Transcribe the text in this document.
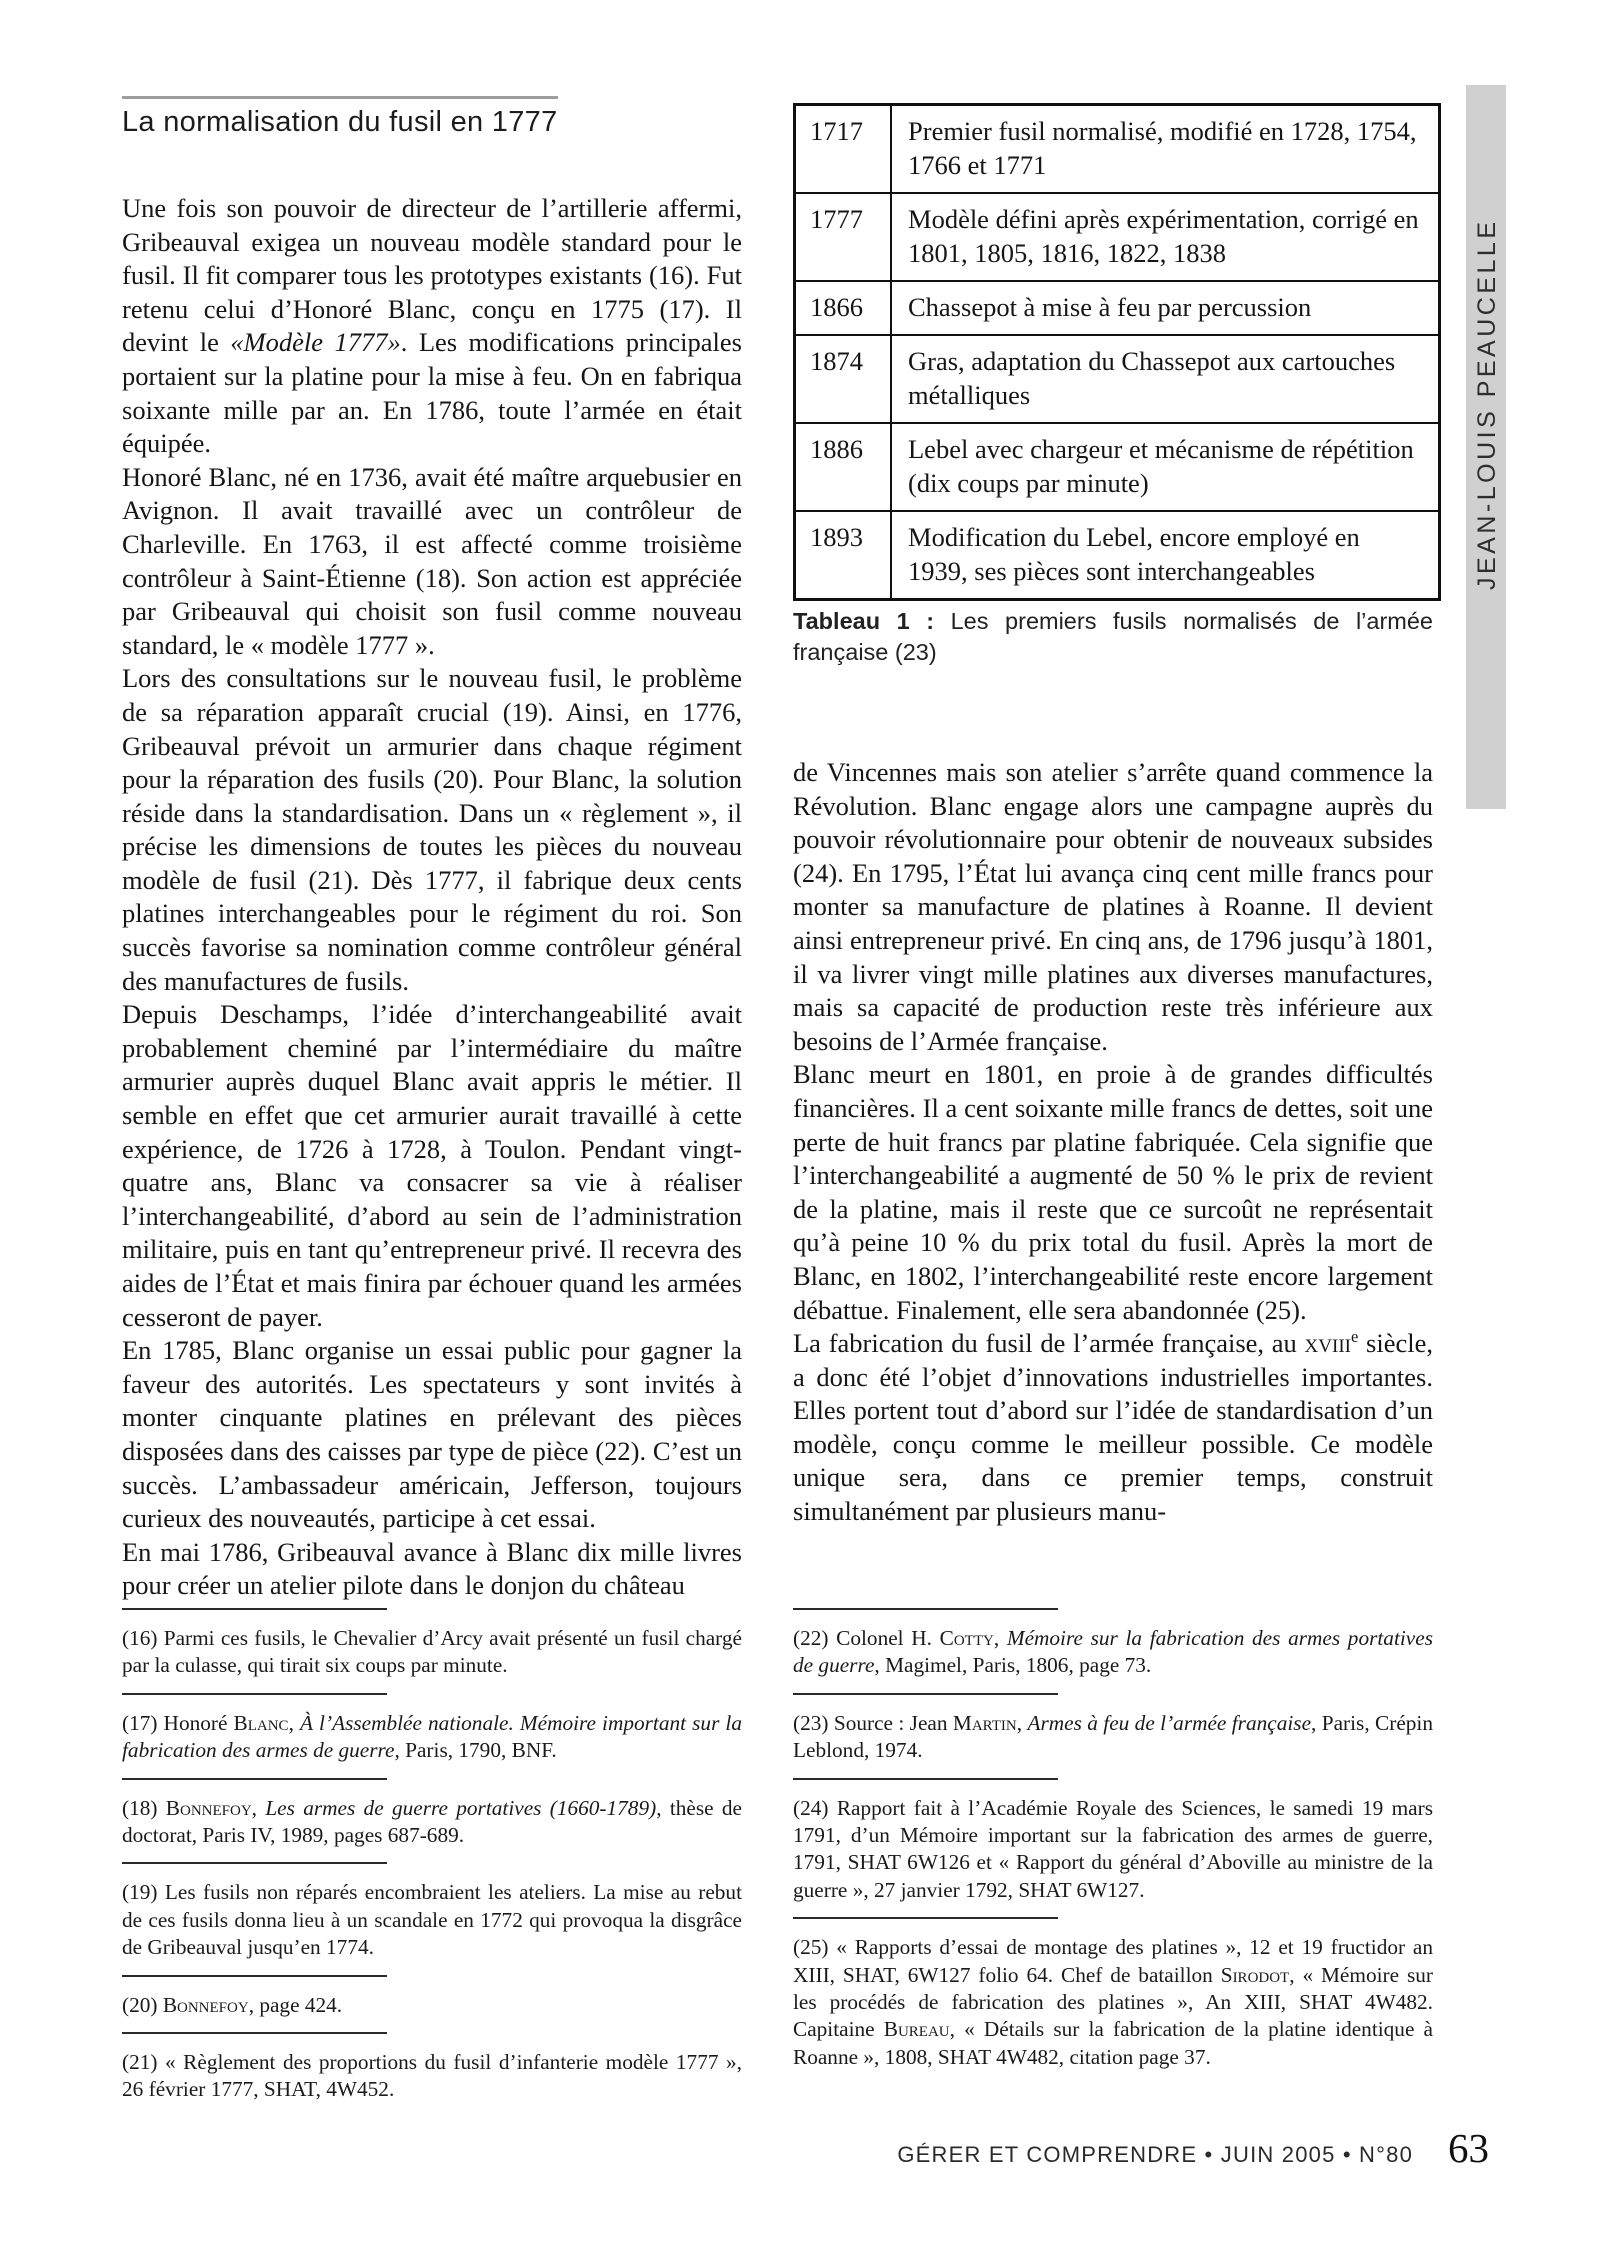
La normalisation du fusil en 1777

Une fois son pouvoir de directeur de l’artillerie affermi, Gribeauval exigea un nouveau modèle standard pour le fusil. Il fit comparer tous les prototypes existants (16). Fut retenu celui d’Honoré Blanc, conçu en 1775 (17). Il devint le «Modèle 1777». Les modifications principales portaient sur la platine pour la mise à feu. On en fabriqua soixante mille par an. En 1786, toute l’armée en était équipée.

Honoré Blanc, né en 1736, avait été maître arquebusier en Avignon. Il avait travaillé avec un contrôleur de Charleville. En 1763, il est affecté comme troisième contrôleur à Saint-Étienne (18). Son action est appréciée par Gribeauval qui choisit son fusil comme nouveau standard, le « modèle 1777 ».

Lors des consultations sur le nouveau fusil, le problème de sa réparation apparaît crucial (19). Ainsi, en 1776, Gribeauval prévoit un armurier dans chaque régiment pour la réparation des fusils (20). Pour Blanc, la solution réside dans la standardisation. Dans un « règlement », il précise les dimensions de toutes les pièces du nouveau modèle de fusil (21). Dès 1777, il fabrique deux cents platines interchangeables pour le régiment du roi. Son succès favorise sa nomination comme contrôleur général des manufactures de fusils.

Depuis Deschamps, l’idée d’interchangeabilité avait probablement cheminé par l’intermédiaire du maître armurier auprès duquel Blanc avait appris le métier. Il semble en effet que cet armurier aurait travaillé à cette expérience, de 1726 à 1728, à Toulon. Pendant vingt-quatre ans, Blanc va consacrer sa vie à réaliser l’interchangeabilité, d’abord au sein de l’administration militaire, puis en tant qu’entrepreneur privé. Il recevra des aides de l’État et mais finira par échouer quand les armées cesseront de payer.

En 1785, Blanc organise un essai public pour gagner la faveur des autorités. Les spectateurs y sont invités à monter cinquante platines en prélevant des pièces disposées dans des caisses par type de pièce (22). C’est un succès. L’ambassadeur américain, Jefferson, toujours curieux des nouveautés, participe à cet essai.

En mai 1786, Gribeauval avance à Blanc dix mille livres pour créer un atelier pilote dans le donjon du château

1717	Premier fusil normalisé, modifié en 1728, 1754, 1766 et 1771
1777	Modèle défini après expérimentation, corrigé en 1801, 1805, 1816, 1822, 1838
1866	Chassepot à mise à feu par percussion
1874	Gras, adaptation du Chassepot aux cartouches métalliques
1886	Lebel avec chargeur et mécanisme de répétition (dix coups par minute)
1893	Modification du Lebel, encore employé en 1939, ses pièces sont interchangeables
Tableau 1 : Les premiers fusils normalisés de l’armée française (23)

de Vincennes mais son atelier s’arrête quand commence la Révolution. Blanc engage alors une campagne auprès du pouvoir révolutionnaire pour obtenir de nouveaux subsides (24). En 1795, l’État lui avança cinq cent mille francs pour monter sa manufacture de platines à Roanne. Il devient ainsi entrepreneur privé. En cinq ans, de 1796 jusqu’à 1801, il va livrer vingt mille platines aux diverses manufactures, mais sa capacité de production reste très inférieure aux besoins de l’Armée française.

Blanc meurt en 1801, en proie à de grandes difficultés financières. Il a cent soixante mille francs de dettes, soit une perte de huit francs par platine fabriquée. Cela signifie que l’interchangeabilité a augmenté de 50 % le prix de revient de la platine, mais il reste que ce surcoût ne représentait qu’à peine 10 % du prix total du fusil. Après la mort de Blanc, en 1802, l’interchangeabilité reste encore largement débattue. Finalement, elle sera abandonnée (25).

La fabrication du fusil de l’armée française, au xviii$^e$ siècle, a donc été l’objet d’innovations industrielles importantes. Elles portent tout d’abord sur l’idée de standardisation d’un modèle, conçu comme le meilleur possible. Ce modèle unique sera, dans ce premier temps, construit simultanément par plusieurs manu-

(16) Parmi ces fusils, le Chevalier d’Arcy avait présenté un fusil chargé par la culasse, qui tirait six coups par minute.

(17) Honoré Blanc, À l’Assemblée nationale. Mémoire important sur la fabrication des armes de guerre, Paris, 1790, BNF.

(18) Bonnefoy, Les armes de guerre portatives (1660-1789), thèse de doctorat, Paris IV, 1989, pages 687-689.

(19) Les fusils non réparés encombraient les ateliers. La mise au rebut de ces fusils donna lieu à un scandale en 1772 qui provoqua la disgrâce de Gribeauval jusqu’en 1774.

(20) Bonnefoy, page 424.

(21) « Règlement des proportions du fusil d’infanterie modèle 1777 », 26 février 1777, SHAT, 4W452.

(22) Colonel H. Cotty, Mémoire sur la fabrication des armes portatives de guerre, Magimel, Paris, 1806, page 73.

(23) Source : Jean Martin, Armes à feu de l’armée française, Paris, Crépin Leblond, 1974.

(24) Rapport fait à l’Académie Royale des Sciences, le samedi 19 mars 1791, d’un Mémoire important sur la fabrication des armes de guerre, 1791, SHAT 6W126 et « Rapport du général d’Aboville au ministre de la guerre », 27 janvier 1792, SHAT 6W127.

(25) « Rapports d’essai de montage des platines », 12 et 19 fructidor an XIII, SHAT, 6W127 folio 64. Chef de bataillon Sirodot, « Mémoire sur les procédés de fabrication des platines », An XIII, SHAT 4W482. Capitaine Bureau, « Détails sur la fabrication de la platine identique à Roanne », 1808, SHAT 4W482, citation page 37.

GÉRER ET COMPRENDRE • JUIN 2005 • N°80 63
JEAN-LOUIS PEAUCELLE
